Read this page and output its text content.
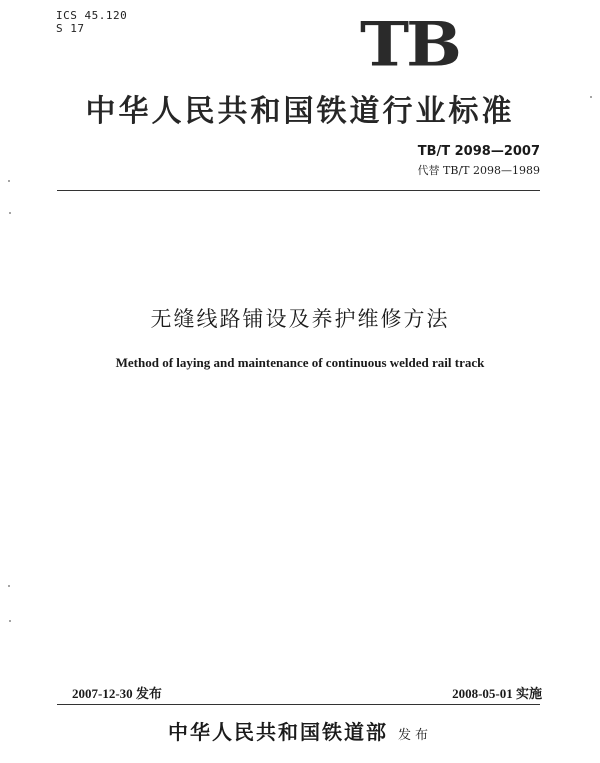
ICS 45.120
S 17	TB
中华人民共和国铁道行业标准
TB/T 2098—2007
代替 TB/T 2098—1989
无缝线路铺设及养护维修方法
Method of laying and maintenance of continuous welded rail track
2007-12-30 发布	2008-05-01 实施
中华人民共和国铁道部 发布
